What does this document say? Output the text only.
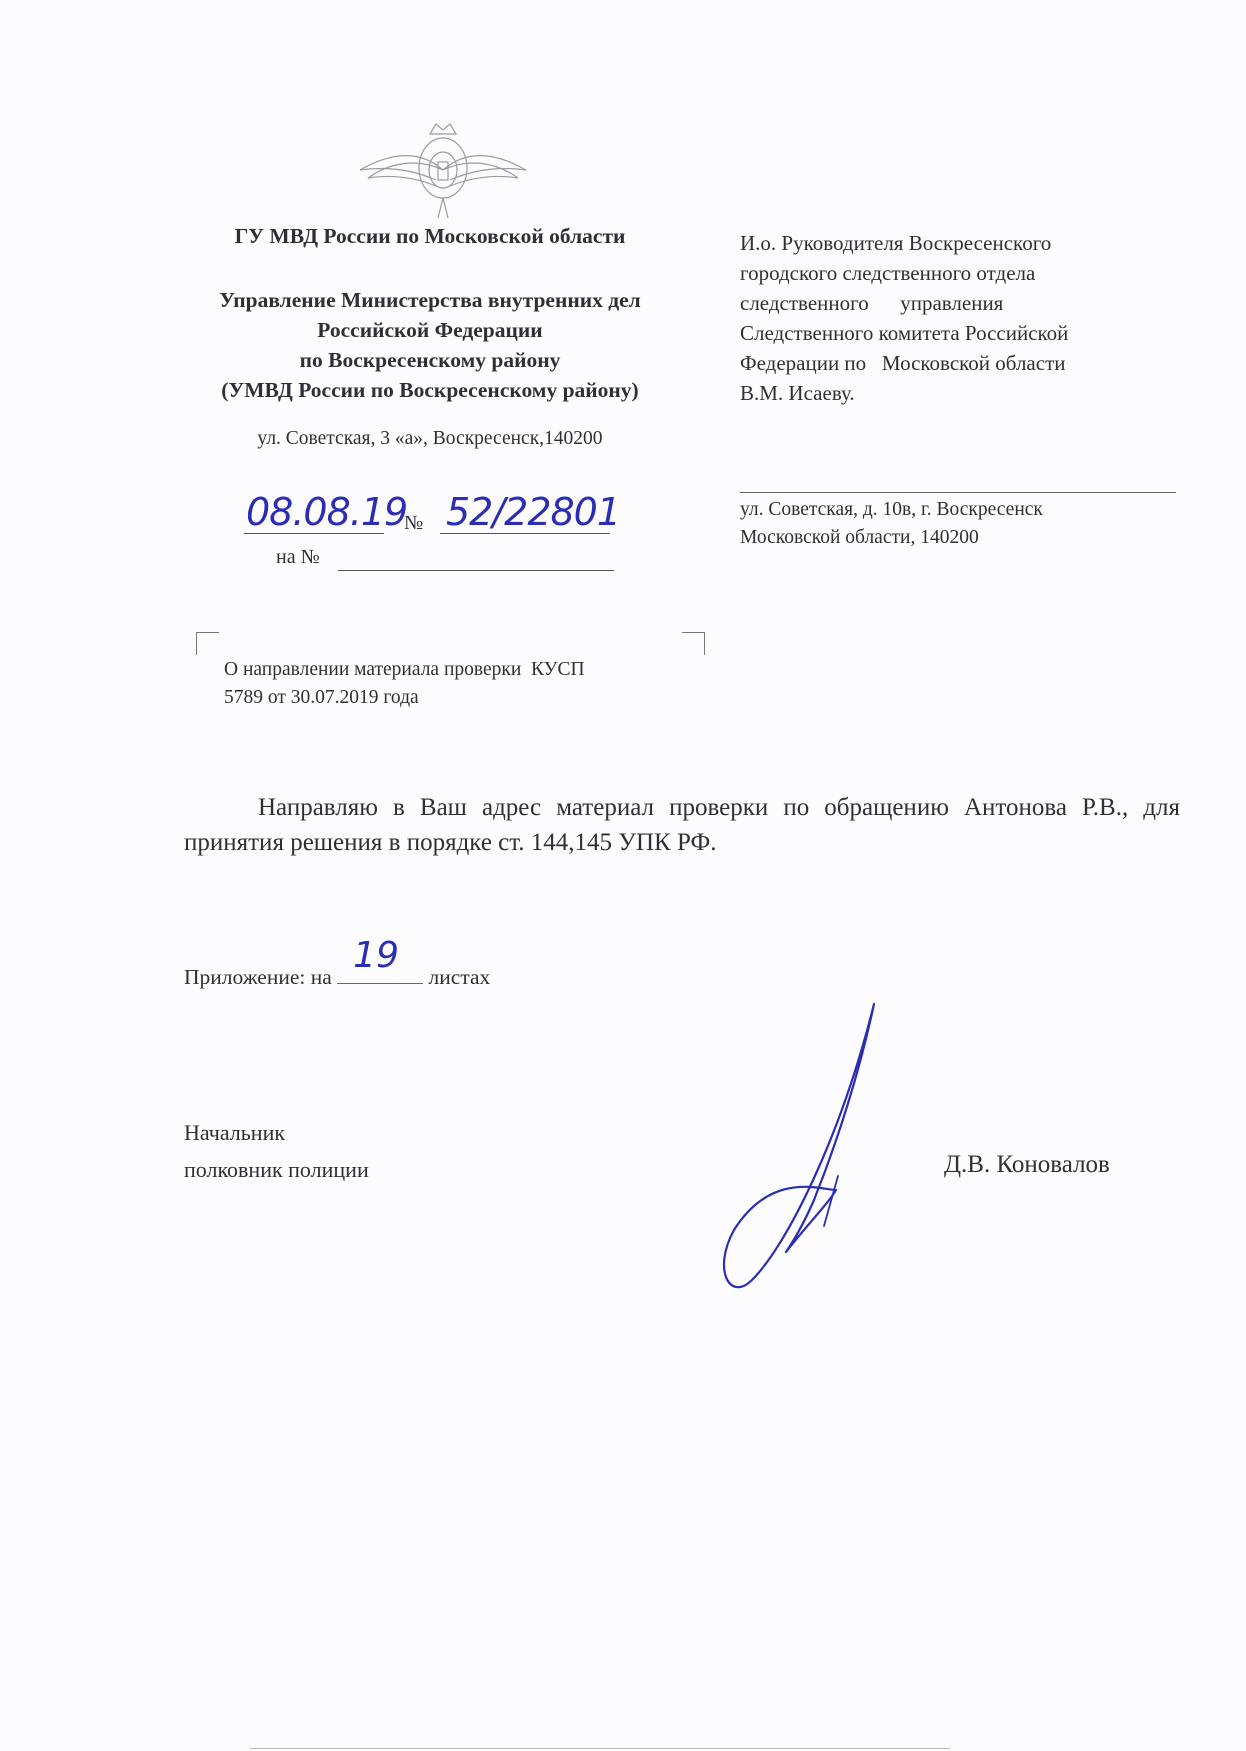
ГУ МВД России по Московской области
Управление Министерства внутренних дел
Российской Федерации
по Воскресенскому району
(УМВД России по Воскресенскому району)
ул. Советская, 3 «а», Воскресенск,140200
08.08.19
№ 52/22801
на №
И.о. Руководителя Воскресенского
городского следственного отдела
следственного      управления
Следственного комитета Российской
Федерации по   Московской области
В.М. Исаеву.
ул. Советская, д. 10в, г. Воскресенск
Московской области, 140200
О направлении материала проверки  КУСП
5789 от 30.07.2019 года
Направляю в Ваш адрес материал проверки по обращению Антонова Р.В., для принятия решения в порядке ст. 144,145 УПК РФ.
Приложение: на
19
листах
Начальник
полковник полиции	Д.В. Коновалов
